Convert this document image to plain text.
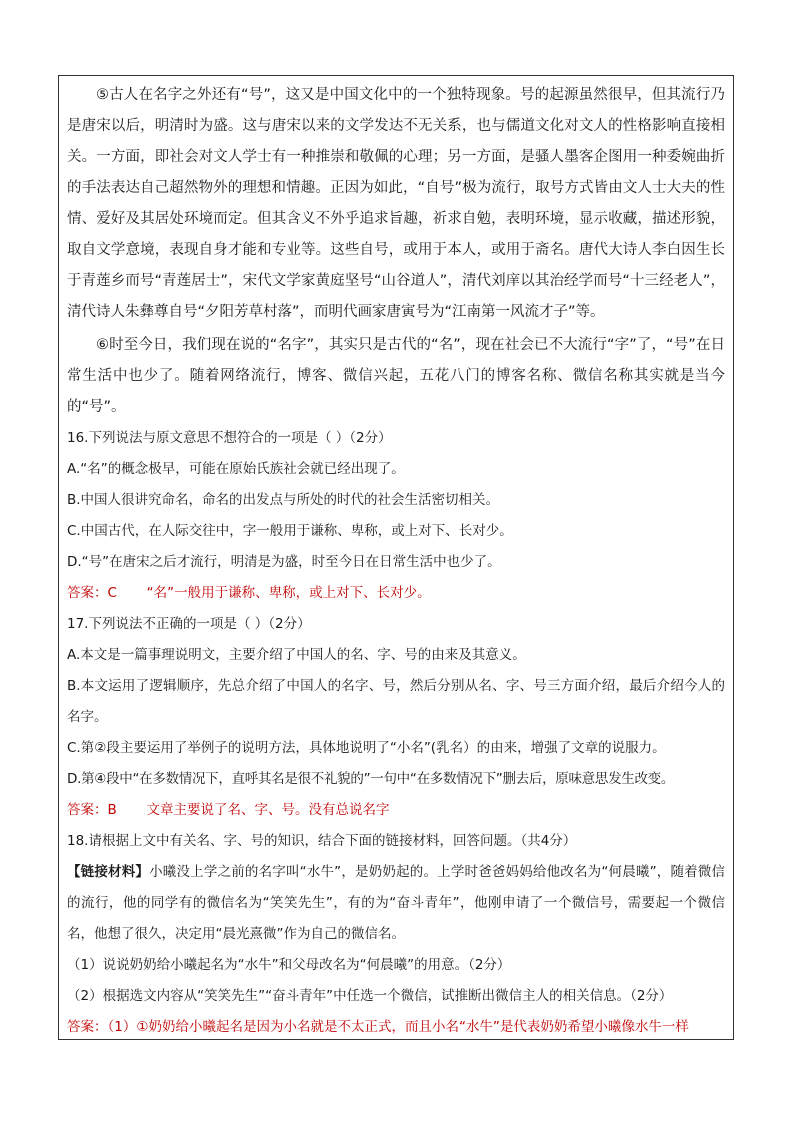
⑤古人在名字之外还有“号”，这又是中国文化中的一个独特现象。号的起源虽然很早，但其流行乃是唐宋以后，明清时为盛。这与唐宋以来的文学发达不无关系，也与儒道文化对文人的性格影响直接相关。一方面，即社会对文人学士有一种推崇和敬佩的心理；另一方面，是骚人墨客企图用一种委婉曲折的手法表达自己超然物外的理想和情趣。正因为如此，“自号”极为流行，取号方式皆由文人士大夫的性情、爱好及其居处环境而定。但其含义不外乎追求旨趣，祈求自勉，表明环境，显示收藏，描述形貌，取自文学意境，表现自身才能和专业等。这些自号，或用于本人，或用于斋名。唐代大诗人李白因生长于青莲乡而号“青莲居士”，宋代文学家黄庭坚号“山谷道人”，清代刘庠以其治经学而号“十三经老人”，清代诗人朱彝尊自号“夕阳芳草村落”，而明代画家唐寅号为“江南第一风流才子”等。

⑥时至今日，我们现在说的“名字”，其实只是古代的“名”，现在社会已不大流行“字”了，“号”在日常生活中也少了。随着网络流行，博客、微信兴起，五花八门的博客名称、微信名称其实就是当今的“号”。

16.下列说法与原文意思不想符合的一项是（ ）（2分）

A.“名”的概念极早，可能在原始氏族社会就已经出现了。

B.中国人很讲究命名，命名的出发点与所处的时代的社会生活密切相关。

C.中国古代，在人际交往中，字一般用于谦称、卑称，或上对下、长对少。

D.“号”在唐宋之后才流行，明清是为盛，时至今日在日常生活中也少了。

答案：C “名”一般用于谦称、卑称，或上对下、长对少。

17.下列说法不正确的一项是（ ）（2分）

A.本文是一篇事理说明文，主要介绍了中国人的名、字、号的由来及其意义。

B.本文运用了逻辑顺序，先总介绍了中国人的名字、号，然后分别从名、字、号三方面介绍，最后介绍今人的名字。

C.第②段主要运用了举例子的说明方法，具体地说明了“小名”(乳名）的由来，增强了文章的说服力。

D.第④段中“在多数情况下，直呼其名是很不礼貌的”一句中“在多数情况下”删去后，原味意思发生改变。

答案：B 文章主要说了名、字、号。没有总说名字

18.请根据上文中有关名、字、号的知识，结合下面的链接材料，回答问题。（共4分）

【链接材料】小曦没上学之前的名字叫“水牛”，是奶奶起的。上学时爸爸妈妈给他改名为“何晨曦”，随着微信的流行，他的同学有的微信名为“笑笑先生”，有的为“奋斗青年”，他刚申请了一个微信号，需要起一个微信名，他想了很久，决定用“晨光熹微”作为自己的微信名。

（1）说说奶奶给小曦起名为“水牛”和父母改名为“何晨曦”的用意。（2分）

（2）根据选文内容从“笑笑先生”“奋斗青年”中任选一个微信，试推断出微信主人的相关信息。（2分）

答案：（1）①奶奶给小曦起名是因为小名就是不太正式，而且小名“水牛”是代表奶奶希望小曦像水牛一样
